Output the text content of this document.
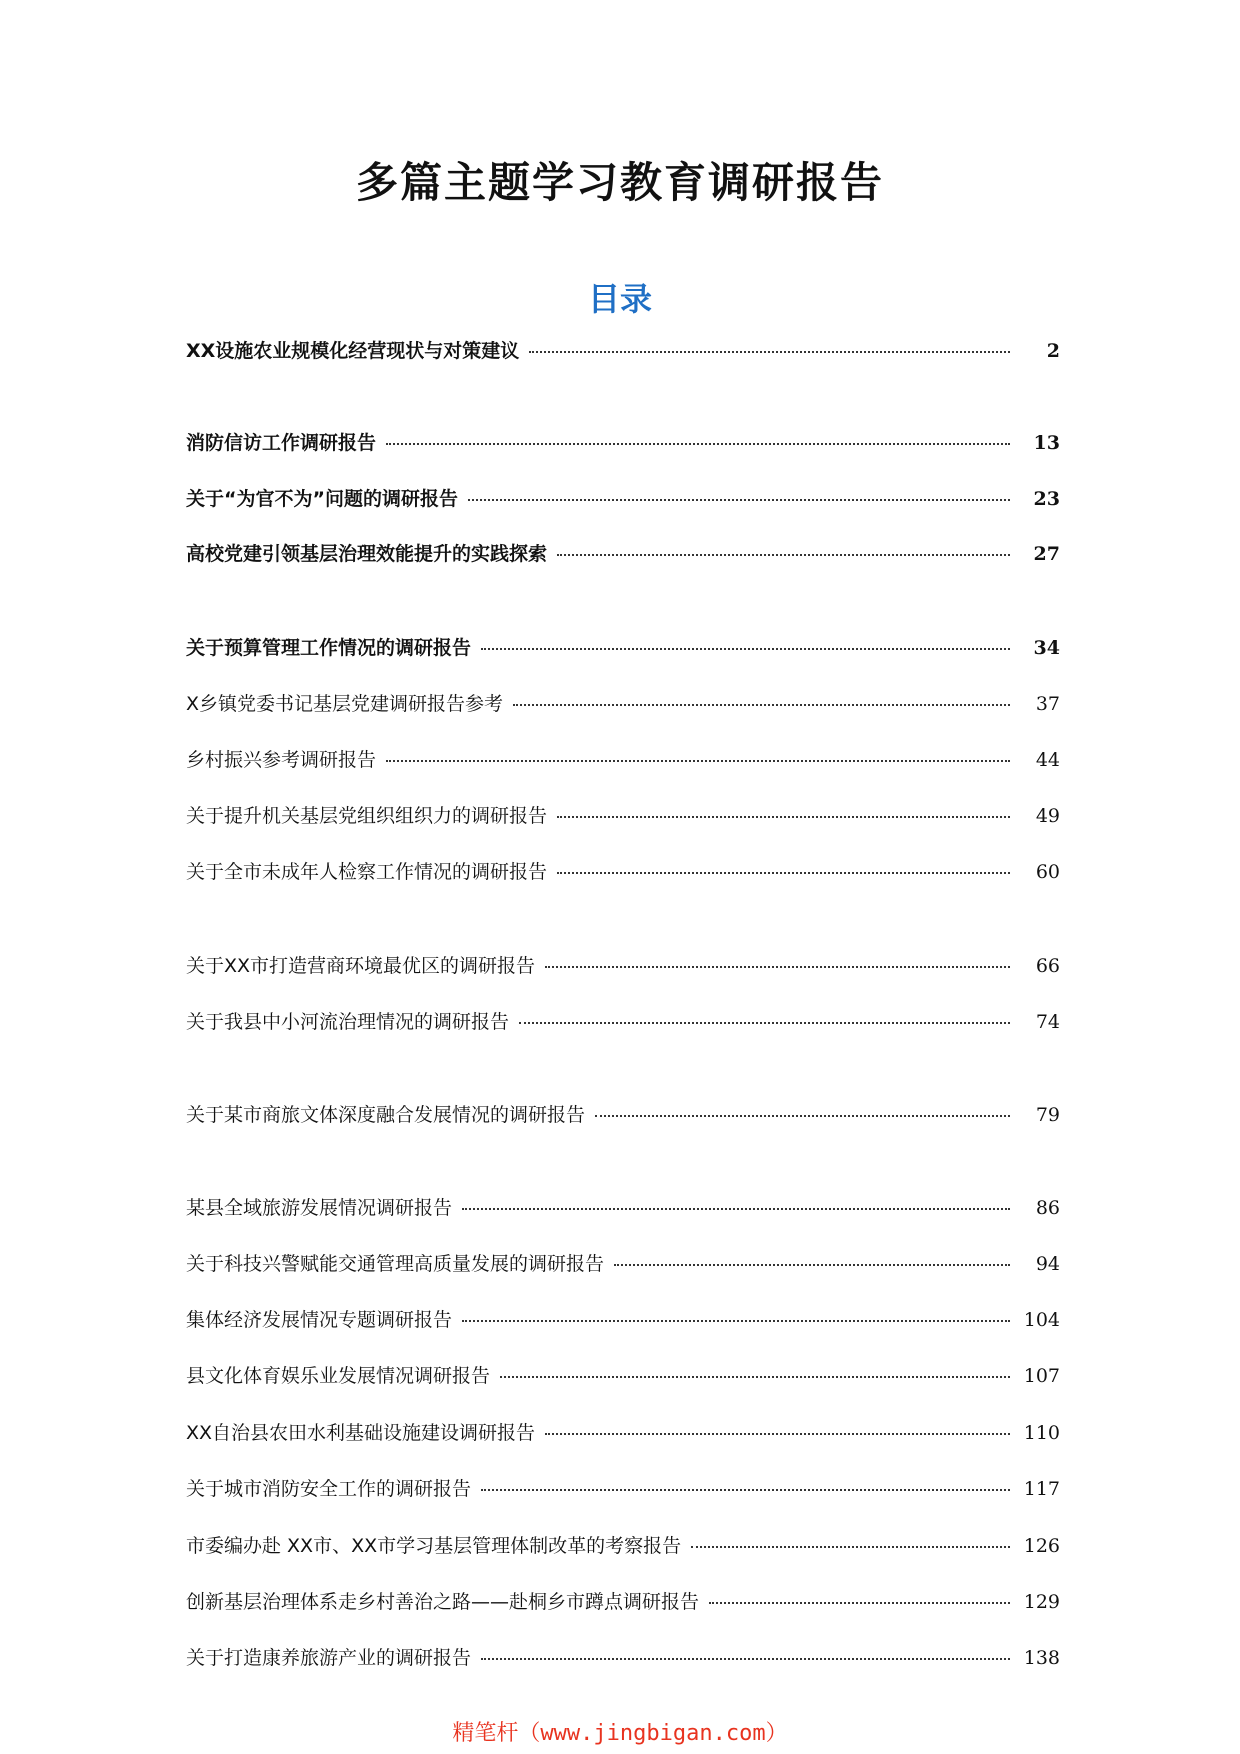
多篇主题学习教育调研报告
目录
XX设施农业规模化经营现状与对策建议	2
消防信访工作调研报告	13
关于“为官不为”问题的调研报告	23
高校党建引领基层治理效能提升的实践探索	27
关于预算管理工作情况的调研报告	34
X乡镇党委书记基层党建调研报告参考	37
乡村振兴参考调研报告	44
关于提升机关基层党组织组织力的调研报告	49
关于全市未成年人检察工作情况的调研报告	60
关于XX市打造营商环境最优区的调研报告	66
关于我县中小河流治理情况的调研报告	74
关于某市商旅文体深度融合发展情况的调研报告	79
某县全域旅游发展情况调研报告	86
关于科技兴警赋能交通管理高质量发展的调研报告	94
集体经济发展情况专题调研报告	104
县文化体育娱乐业发展情况调研报告	107
XX自治县农田水利基础设施建设调研报告	110
关于城市消防安全工作的调研报告	117
市委编办赴 XX市、XX市学习基层管理体制改革的考察报告	126
创新基层治理体系走乡村善治之路——赴桐乡市蹲点调研报告	129
关于打造康养旅游产业的调研报告	138

精笔杆（www.jingbigan.com）
